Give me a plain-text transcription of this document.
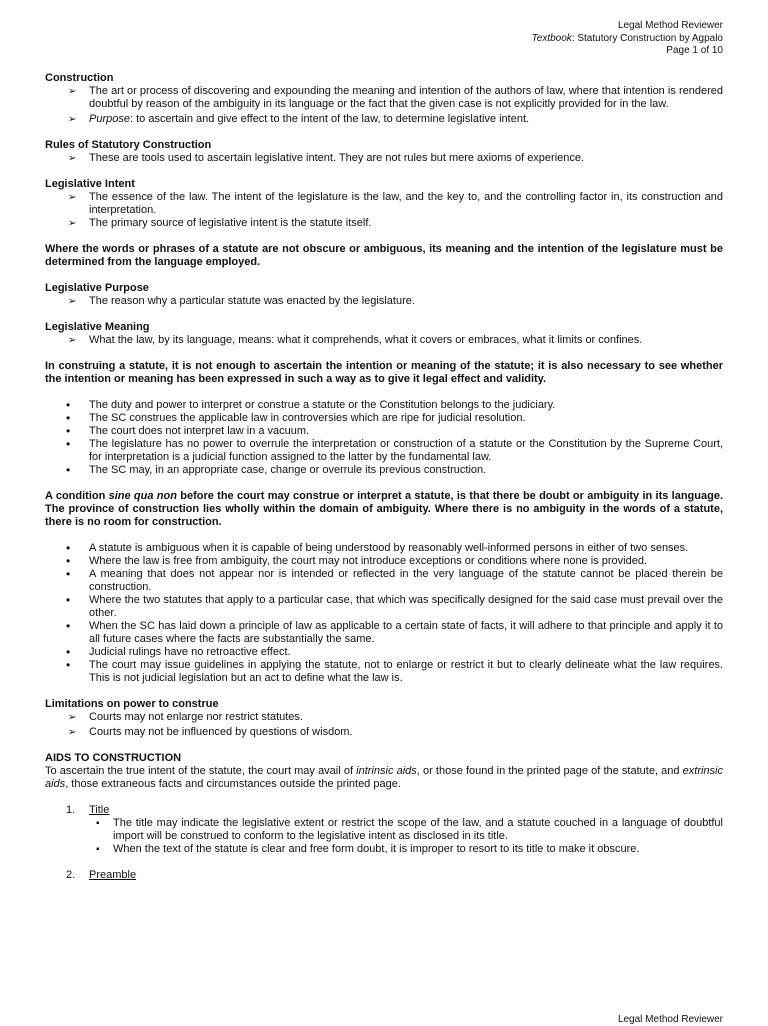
Legal Method Reviewer
Textbook: Statutory Construction by Agpalo
Page 1 of 10
Construction
➢ The art or process of discovering and expounding the meaning and intention of the authors of law, where that intention is rendered doubtful by reason of the ambiguity in its language or the fact that the given case is not explicitly provided for in the law.
➢ Purpose: to ascertain and give effect to the intent of the law, to determine legislative intent.
Rules of Statutory Construction
➢ These are tools used to ascertain legislative intent. They are not rules but mere axioms of experience.
Legislative Intent
➢ The essence of the law. The intent of the legislature is the law, and the key to, and the controlling factor in, its construction and interpretation.
➢ The primary source of legislative intent is the statute itself.

Where the words or phrases of a statute are not obscure or ambiguous, its meaning and the intention of the legislature must be determined from the language employed.

Legislative Purpose
➢ The reason why a particular statute was enacted by the legislature.
Legislative Meaning
➢ What the law, by its language, means: what it comprehends, what it covers or embraces, what it limits or confines.

In construing a statute, it is not enough to ascertain the intention or meaning of the statute; it is also necessary to see whether the intention or meaning has been expressed in such a way as to give it legal effect and validity.

• The duty and power to interpret or construe a statute or the Constitution belongs to the judiciary.
• The SC construes the applicable law in controversies which are ripe for judicial resolution.
• The court does not interpret law in a vacuum.
• The legislature has no power to overrule the interpretation or construction of a statute or the Constitution by the Supreme Court, for interpretation is a judicial function assigned to the latter by the fundamental law.
• The SC may, in an appropriate case, change or overrule its previous construction.

A condition sine qua non before the court may construe or interpret a statute, is that there be doubt or ambiguity in its language. The province of construction lies wholly within the domain of ambiguity. Where there is no ambiguity in the words of a statute, there is no room for construction.

• A statute is ambiguous when it is capable of being understood by reasonably well-informed persons in either of two senses.
• Where the law is free from ambiguity, the court may not introduce exceptions or conditions where none is provided.
• A meaning that does not appear nor is intended or reflected in the very language of the statute cannot be placed therein be construction.
• Where the two statutes that apply to a particular case, that which was specifically designed for the said case must prevail over the other.
• When the SC has laid down a principle of law as applicable to a certain state of facts, it will adhere to that principle and apply it to all future cases where the facts are substantially the same.
• Judicial rulings have no retroactive effect.
• The court may issue guidelines in applying the statute, not to enlarge or restrict it but to clearly delineate what the law requires. This is not judicial legislation but an act to define what the law is.
Limitations on power to construe
➢ Courts may not enlarge nor restrict statutes.
➢ Courts may not be influenced by questions of wisdom.
AIDS TO CONSTRUCTION

To ascertain the true intent of the statute, the court may avail of intrinsic aids, or those found in the printed page of the statute, and extrinsic aids, those extraneous facts and circumstances outside the printed page.

1. Title
▪ The title may indicate the legislative extent or restrict the scope of the law, and a statute couched in a language of doubtful import will be construed to conform to the legislative intent as disclosed in its title.
▪ When the text of the statute is clear and free form doubt, it is improper to resort to its title to make it obscure.
2. Preamble
Legal Method Reviewer
